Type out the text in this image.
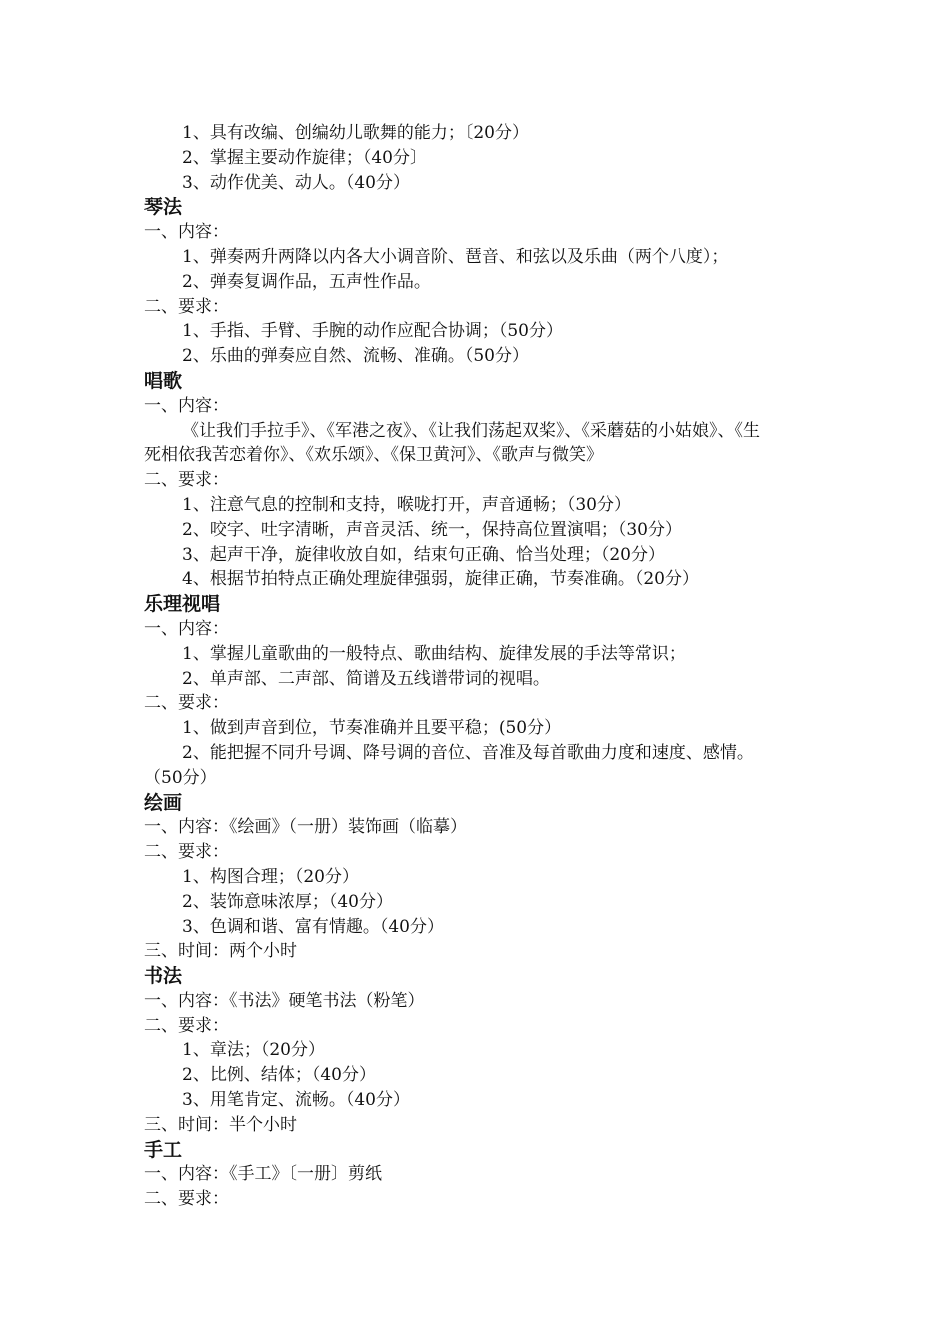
1、具有改编、创编幼儿歌舞的能力；〔20分）
2、掌握主要动作旋律；（40分〕
3、动作优美、动人。（40分）
琴法
一、内容：
1、弹奏两升两降以内各大小调音阶、琶音、和弦以及乐曲（两个八度）；
2、弹奏复调作品，五声性作品。
二、要求：
1、手指、手臂、手腕的动作应配合协调；（50分）
2、乐曲的弹奏应自然、流畅、准确。（50分）
唱歌
一、内容：
《让我们手拉手》、《军港之夜》、《让我们荡起双桨》、《采蘑菇的小姑娘》、《生
死相依我苦恋着你》、《欢乐颂》、《保卫黄河》、《歌声与微笑》
二、要求：
1、注意气息的控制和支持，喉咙打开，声音通畅；（30分）
2、咬字、吐字清晰，声音灵活、统一，保持高位置演唱；（30分）
3、起声干净，旋律收放自如，结束句正确、恰当处理；（20分）
4、根据节拍特点正确处理旋律强弱，旋律正确，节奏准确。（20分）
乐理视唱
一、内容：
1、掌握儿童歌曲的一般特点、歌曲结构、旋律发展的手法等常识；
2、单声部、二声部、简谱及五线谱带词的视唱。
二、要求：
1、做到声音到位，节奏准确并且要平稳；(50分）
2、能把握不同升号调、降号调的音位、音准及每首歌曲力度和速度、感情。
（50分）
绘画
一、内容：《绘画》（一册）装饰画（临摹）
二、要求：
1、构图合理；（20分）
2、装饰意味浓厚；（40分）
3、色调和谐、富有情趣。（40分）
三、时间：两个小时
书法
一、内容：《书法》硬笔书法（粉笔）
二、要求：
1、章法；（20分）
2、比例、结体；（40分）
3、用笔肯定、流畅。（40分）
三、时间：半个小时
手工
一、内容：《手工》〔一册〕剪纸
二、要求：
